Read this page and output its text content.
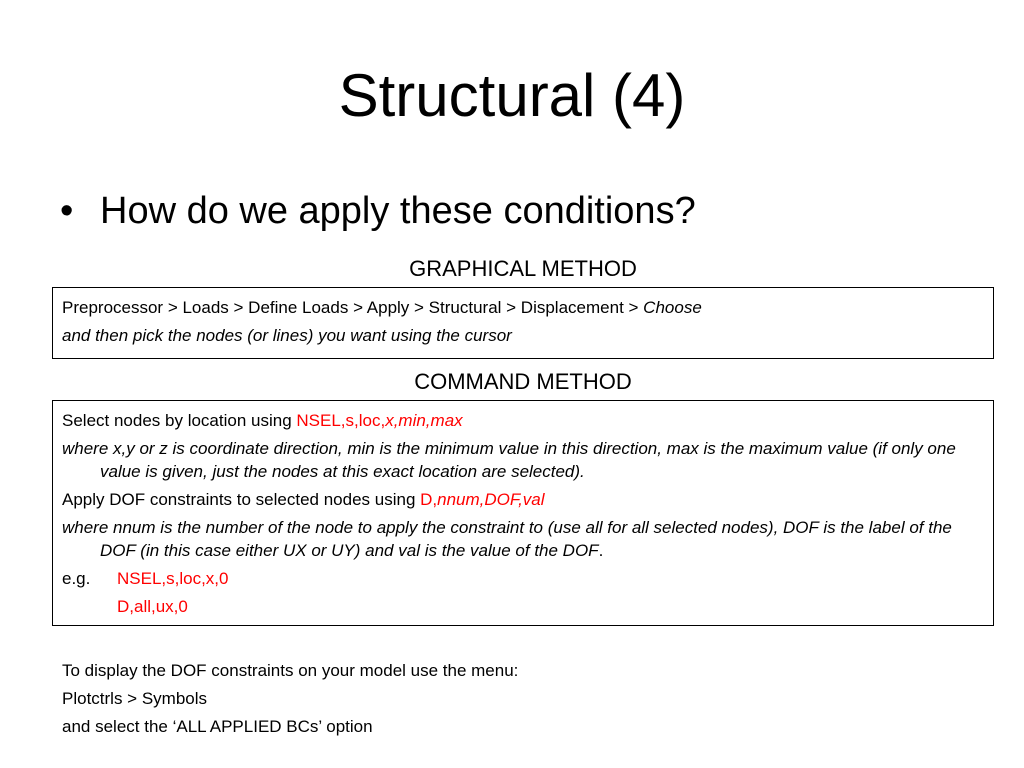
Structural (4)
• How do we apply these conditions?
GRAPHICAL METHOD

Preprocessor > Loads > Define Loads > Apply > Structural > Displacement > Choose

and then pick the nodes (or lines) you want using the cursor

COMMAND METHOD

Select nodes by location using NSEL,s,loc,x,min,max

where x,y or z is coordinate direction, min is the minimum value in this direction, max is the maximum value (if only one value is given, just the nodes at this exact location are selected).

Apply DOF constraints to selected nodes using D,nnum,DOF,val

where nnum is the number of the node to apply the constraint to (use all for all selected nodes), DOF is the label of the DOF (in this case either UX or UY) and val is the value of the DOF.

e.g. NSEL,s,loc,x,0

D,all,ux,0

To display the DOF constraints on your model use the menu:

Plotctrls > Symbols

and select the ‘ALL APPLIED BCs’ option
